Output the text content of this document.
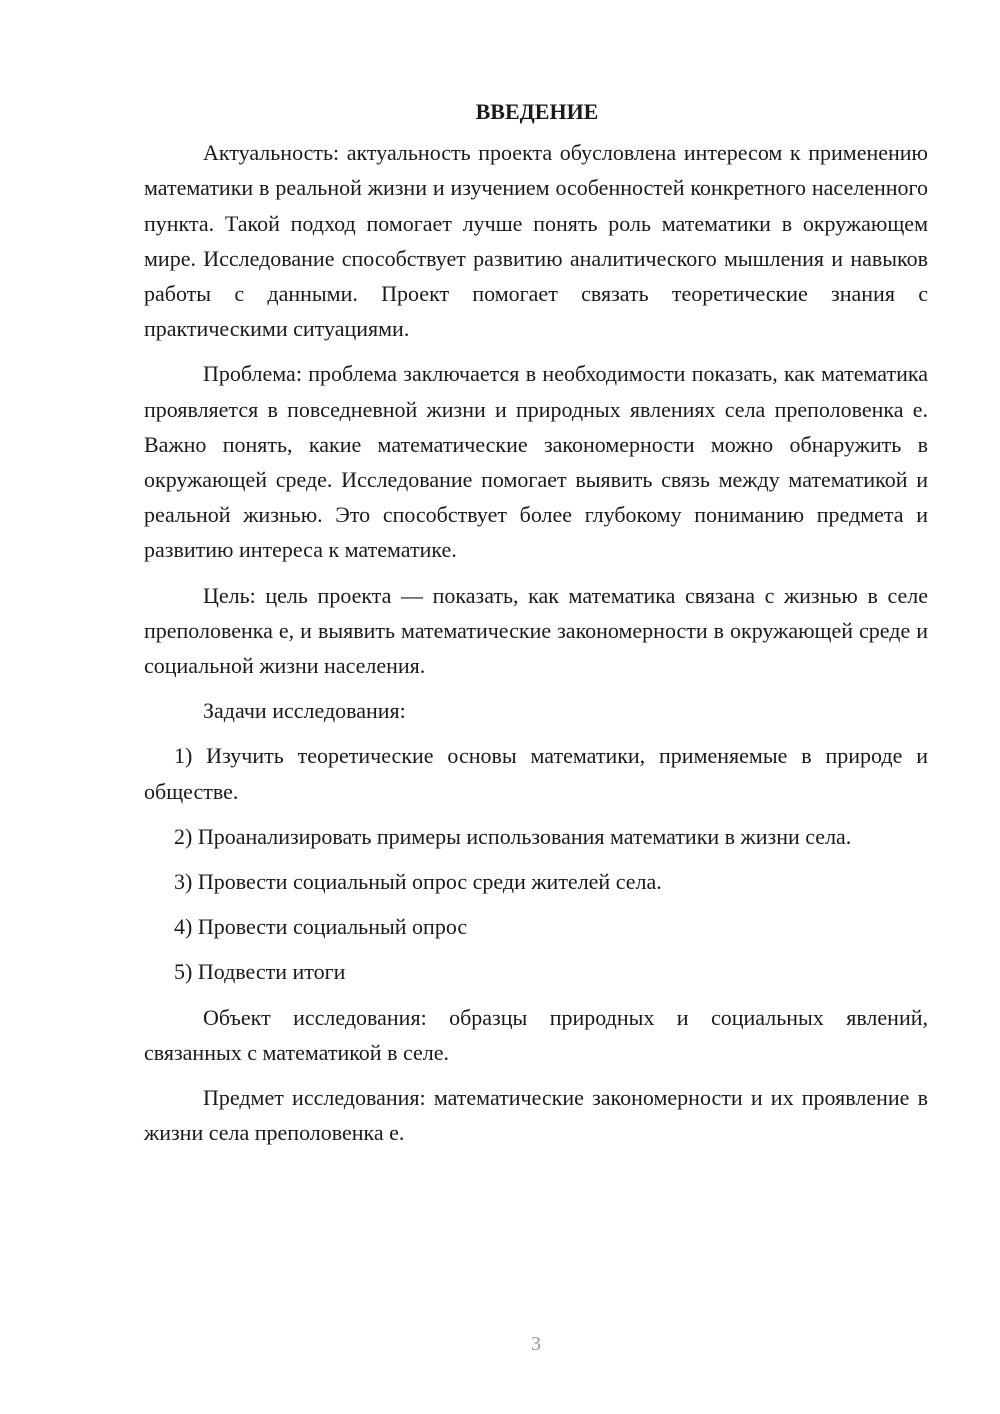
ВВЕДЕНИЕ

Актуальность: актуальность проекта обусловлена интересом к применению математики в реальной жизни и изучением особенностей конкретного населенного пункта. Такой подход помогает лучше понять роль математики в окружающем мире. Исследование способствует развитию аналитического мышления и навыков работы с данными. Проект помогает связать теоретические знания с практическими ситуациями.

Проблема: проблема заключается в необходимости показать, как математика проявляется в повседневной жизни и природных явлениях села преполовенка е. Важно понять, какие математические закономерности можно обнаружить в окружающей среде. Исследование помогает выявить связь между математикой и реальной жизнью. Это способствует более глубокому пониманию предмета и развитию интереса к математике.

Цель: цель проекта — показать, как математика связана с жизнью в селе преполовенка е, и выявить математические закономерности в окружающей среде и социальной жизни населения.

Задачи исследования:

1) Изучить теоретические основы математики, применяемые в природе и обществе.

2) Проанализировать примеры использования математики в жизни села.

3) Провести социальный опрос среди жителей села.

4) Провести социальный опрос

5) Подвести итоги

Объект исследования: образцы природных и социальных явлений, связанных с математикой в селе.

Предмет исследования: математические закономерности и их проявление в жизни села преполовенка е.

3
